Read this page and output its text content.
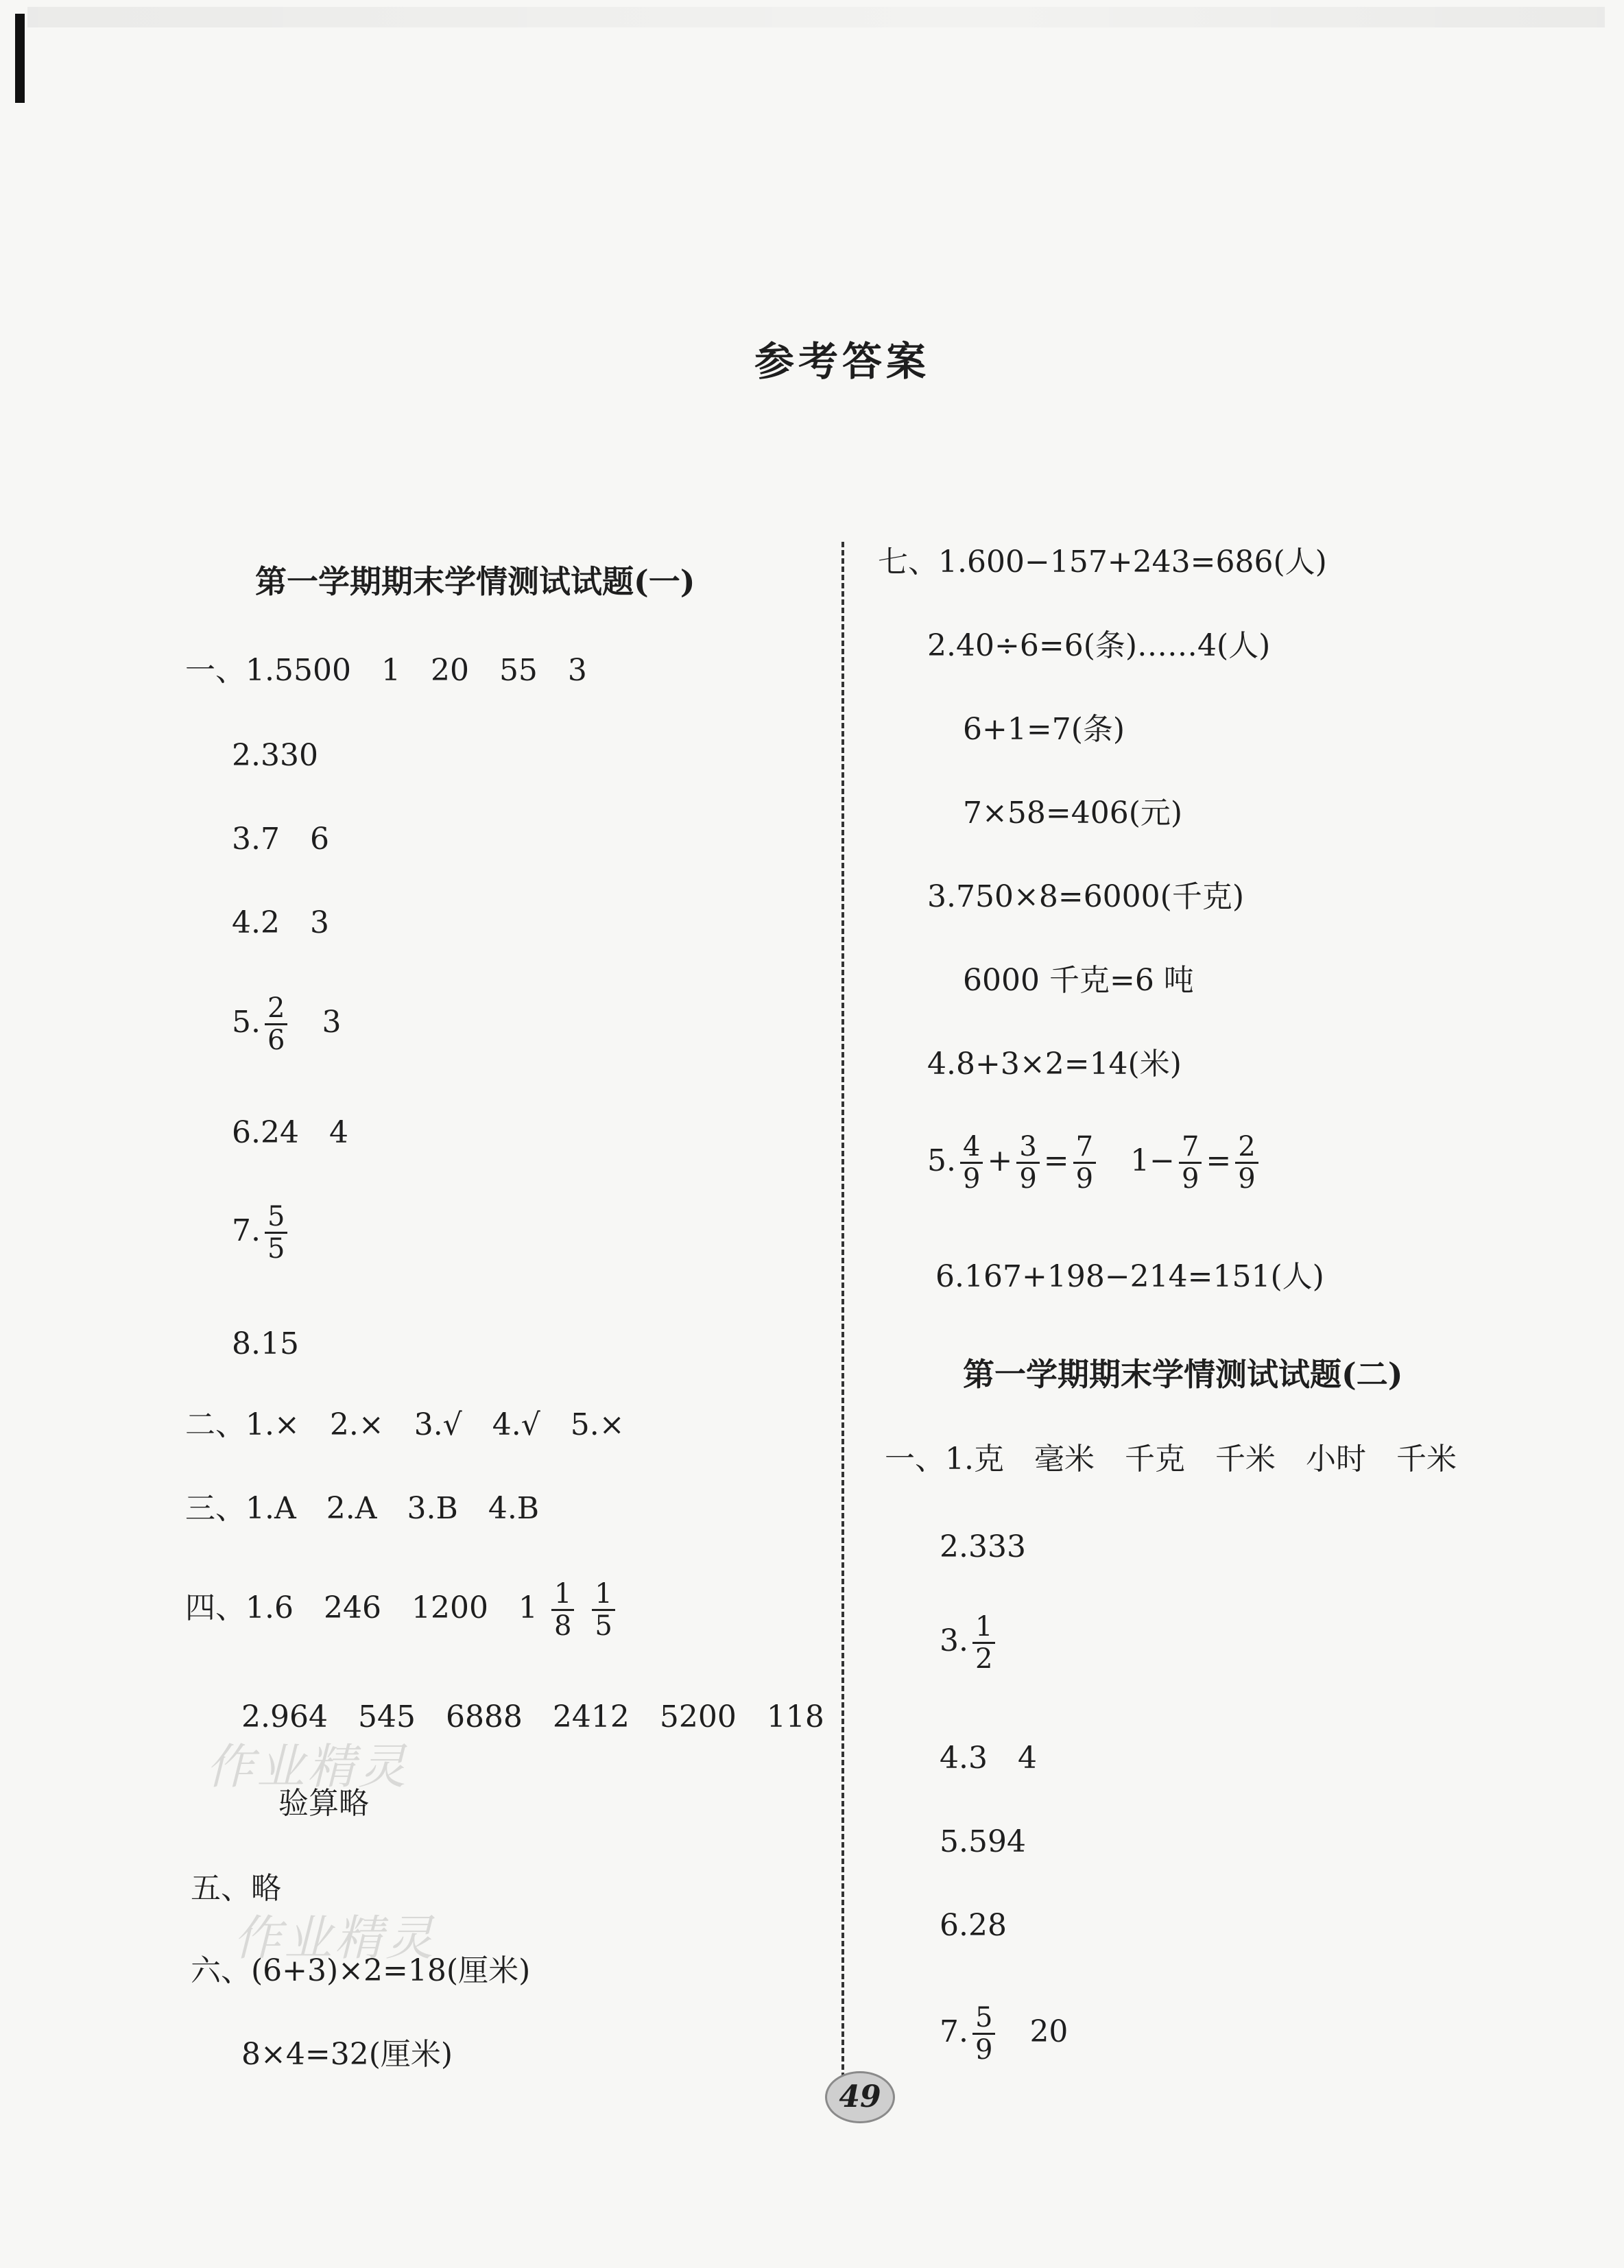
参考答案
第一学期期末学情测试试题(一)
一、1.5500　1　20　55　3
2.330
3.7　6
4.2　3
5. $\frac{2}{6}$
　 3
6.24　4
7. $\frac{5}{5}$
8.15
二、1.×　2.×　3.√　4.√　5.×
三、1.A　2.A　3.B　4.B
四、1.6　246　1200　$1 \frac{1}{8}$
$\frac{1}{5}$
2.964　545　6888　2412　5200　118
验算略
五、略
六、(6+3)×2=18(厘米)
8×4=32(厘米)
作业精灵
作业精灵
七、1.600−157+243=686(人)
2.40÷6=6(条)……4(人)
6+1=7(条)
7×58=406(元)
3.750×8=6000(千克)
6000 千克=6 吨
4.8+3×2=14(米)
5. $\frac{4}{9} + \frac{3}{9} = \frac{7}{9}$
　 $1- \frac{7}{9} = \frac{2}{9}$
6.167+198−214=151(人)
第一学期期末学情测试试题(二)
一、1.克　毫米　千克　千米　小时　千米
2.333
3. $\frac{1}{2}$
4.3　4
5.594
6.28
7. $\frac{5}{9}$
　 20
49
